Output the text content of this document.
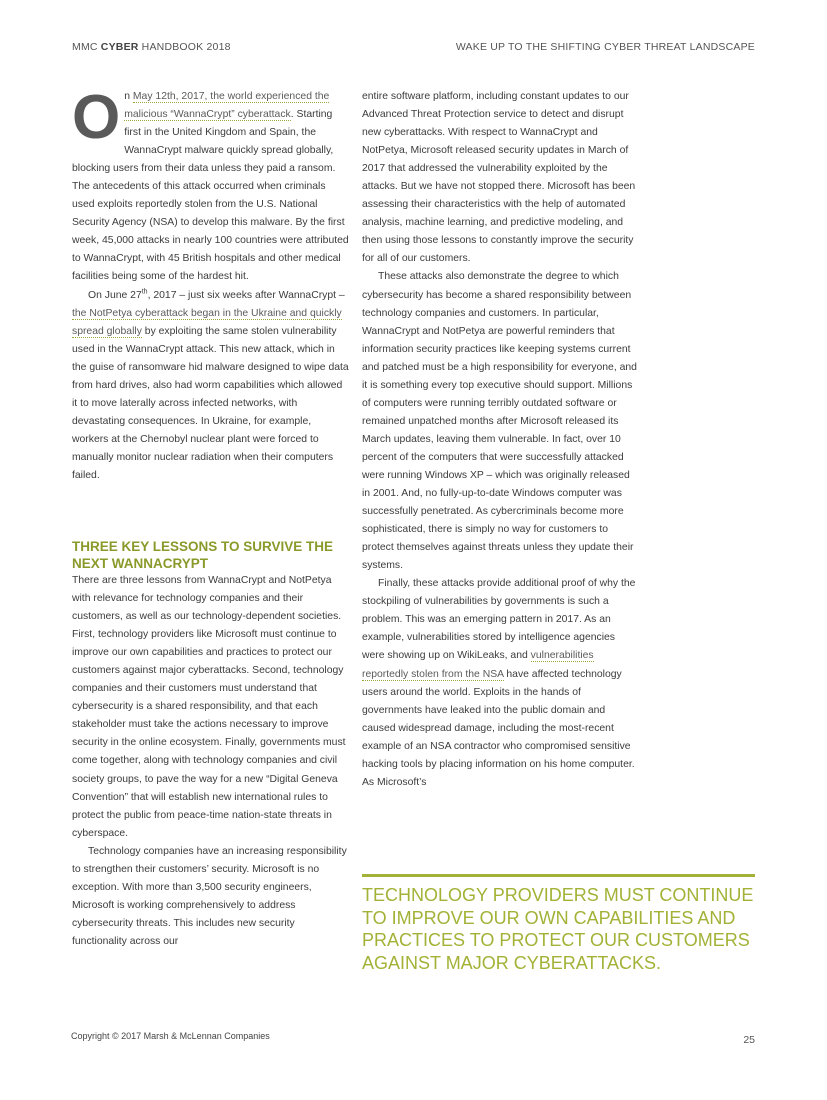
MMC CYBER HANDBOOK 2018	WAKE UP TO THE SHIFTING CYBER THREAT LANDSCAPE

On May 12th, 2017, the world experienced the malicious “WannaCrypt” cyberattack. Starting first in the United Kingdom and Spain, the WannaCrypt malware quickly spread globally, blocking users from their data unless they paid a ransom. The antecedents of this attack occurred when criminals used exploits reportedly stolen from the U.S. National Security Agency (NSA) to develop this malware. By the first week, 45,000 attacks in nearly 100 countries were attributed to WannaCrypt, with 45 British hospitals and other medical facilities being some of the hardest hit.

On June 27th, 2017 – just six weeks after WannaCrypt – the NotPetya cyberattack began in the Ukraine and quickly spread globally by exploiting the same stolen vulnerability used in the WannaCrypt attack. This new attack, which in the guise of ransomware hid malware designed to wipe data from hard drives, also had worm capabilities which allowed it to move laterally across infected networks, with devastating consequences. In Ukraine, for example, workers at the Chernobyl nuclear plant were forced to manually monitor nuclear radiation when their computers failed.

THREE KEY LESSONS TO SURVIVE THE NEXT WANNACRYPT

There are three lessons from WannaCrypt and NotPetya with relevance for technology companies and their customers, as well as our technology-dependent societies. First, technology providers like Microsoft must continue to improve our own capabilities and practices to protect our customers against major cyberattacks. Second, technology companies and their customers must understand that cybersecurity is a shared responsibility, and that each stakeholder must take the actions necessary to improve security in the online ecosystem. Finally, governments must come together, along with technology companies and civil society groups, to pave the way for a new “Digital Geneva Convention” that will establish new international rules to protect the public from peace-time nation-state threats in cyberspace.

Technology companies have an increasing responsibility to strengthen their customers’ security. Microsoft is no exception. With more than 3,500 security engineers, Microsoft is working comprehensively to address cybersecurity threats. This includes new security functionality across our

entire software platform, including constant updates to our Advanced Threat Protection service to detect and disrupt new cyberattacks. With respect to WannaCrypt and NotPetya, Microsoft released security updates in March of 2017 that addressed the vulnerability exploited by the attacks. But we have not stopped there. Microsoft has been assessing their characteristics with the help of automated analysis, machine learning, and predictive modeling, and then using those lessons to constantly improve the security for all of our customers.

These attacks also demonstrate the degree to which cybersecurity has become a shared responsibility between technology companies and customers. In particular, WannaCrypt and NotPetya are powerful reminders that information security practices like keeping systems current and patched must be a high responsibility for everyone, and it is something every top executive should support. Millions of computers were running terribly outdated software or remained unpatched months after Microsoft released its March updates, leaving them vulnerable. In fact, over 10 percent of the computers that were successfully attacked were running Windows XP – which was originally released in 2001. And, no fully-up-to-date Windows computer was successfully penetrated. As cybercriminals become more sophisticated, there is simply no way for customers to protect themselves against threats unless they update their systems.

Finally, these attacks provide additional proof of why the stockpiling of vulnerabilities by governments is such a problem. This was an emerging pattern in 2017. As an example, vulnerabilities stored by intelligence agencies were showing up on WikiLeaks, and vulnerabilities reportedly stolen from the NSA have affected technology users around the world. Exploits in the hands of governments have leaked into the public domain and caused widespread damage, including the most-recent example of an NSA contractor who compromised sensitive hacking tools by placing information on his home computer. As Microsoft’s

TECHNOLOGY PROVIDERS MUST CONTINUE TO IMPROVE OUR OWN CAPABILITIES AND PRACTICES TO PROTECT OUR CUSTOMERS AGAINST MAJOR CYBERATTACKS.
Copyright © 2017 Marsh & McLennan Companies	25
